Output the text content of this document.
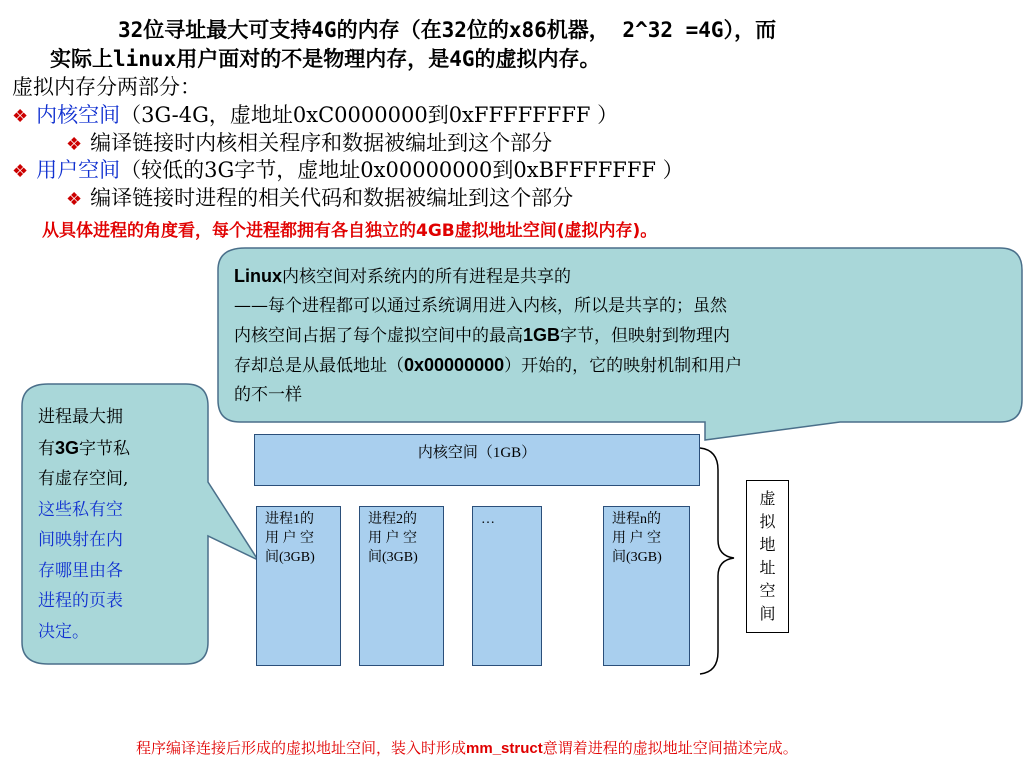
32位寻址最大可支持4G的内存（在32位的x86机器， 2^32 =4G），而
实际上linux用户面对的不是物理内存，是4G的虚拟内存。
虚拟内存分两部分：
❖ 内核空间（3G-4G，虚地址0xC0000000到0xFFFFFFFF ）
❖ 编译链接时内核相关程序和数据被编址到这个部分
❖ 用户空间（较低的3G字节，虚地址0x00000000到0xBFFFFFFF ）
❖ 编译链接时进程的相关代码和数据被编址到这个部分
从具体进程的角度看，每个进程都拥有各自独立的4GB虚拟地址空间(虚拟内存)。
Linux内核空间对系统内的所有进程是共享的
——每个进程都可以通过系统调用进入内核，所以是共享的；虽然
内核空间占据了每个虚拟空间中的最高1GB字节，但映射到物理内
存却总是从最低地址（0x00000000）开始的，它的映射机制和用户
的不一样
进程最大拥
有3G字节私
有虚存空间,
这些私有空
间映射在内
存哪里由各
进程的页表
决定。
内核空间（1GB）
进程1的
用 户 空
间(3GB)
进程2的
用 户 空
间(3GB)
…	进程n的
用 户 空
间(3GB)
虚
拟
地
址
空
间
程序编译连接后形成的虚拟地址空间，装入时形成mm_struct意谓着进程的虚拟地址空间描述完成。
